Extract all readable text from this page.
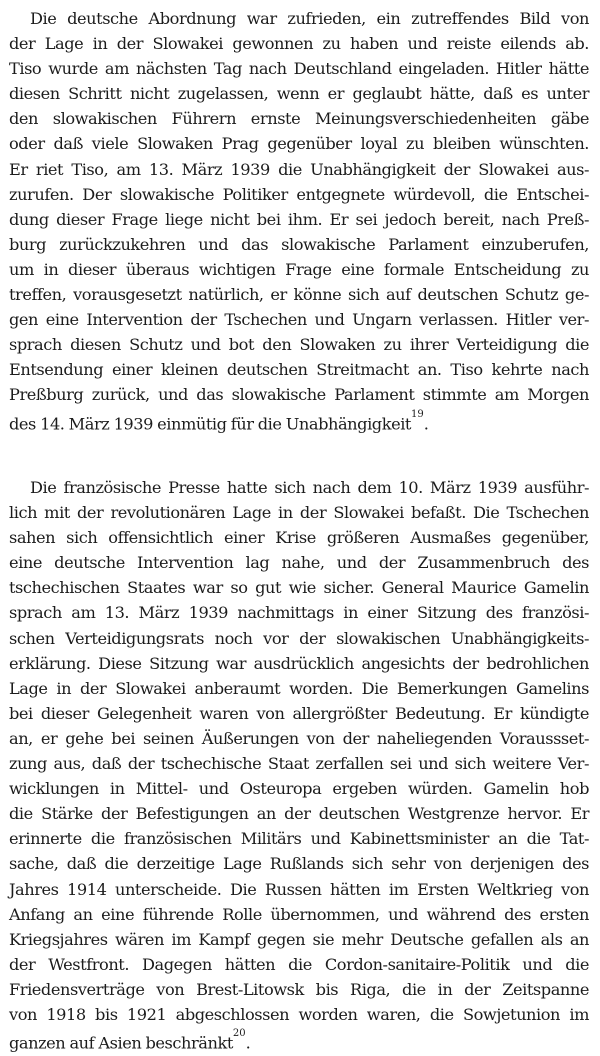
Die deutsche Abordnung war zufrieden, ein zutreffendes Bild von
der Lage in der Slowakei gewonnen zu haben und reiste eilends ab.
Tiso wurde am nächsten Tag nach Deutschland eingeladen. Hitler hätte
diesen Schritt nicht zugelassen, wenn er geglaubt hätte, daß es unter
den slowakischen Führern ernste Meinungsverschiedenheiten gäbe
oder daß viele Slowaken Prag gegenüber loyal zu bleiben wünschten.
Er riet Tiso, am 13. März 1939 die Unabhängigkeit der Slowakei aus-
zurufen. Der slowakische Politiker entgegnete würdevoll, die Entschei-
dung dieser Frage liege nicht bei ihm. Er sei jedoch bereit, nach Preß-
burg zurückzukehren und das slowakische Parlament einzuberufen,
um in dieser überaus wichtigen Frage eine formale Entscheidung zu
treffen, vorausgesetzt natürlich, er könne sich auf deutschen Schutz ge-
gen eine Intervention der Tschechen und Ungarn verlassen. Hitler ver-
sprach diesen Schutz und bot den Slowaken zu ihrer Verteidigung die
Entsendung einer kleinen deutschen Streitmacht an. Tiso kehrte nach
Preßburg zurück, und das slowakische Parlament stimmte am Morgen
des 14. März 1939 einmütig für die Unabhängigkeit$^{19}$.
Die französische Presse hatte sich nach dem 10. März 1939 ausführ-
lich mit der revolutionären Lage in der Slowakei befaßt. Die Tschechen
sahen sich offensichtlich einer Krise größeren Ausmaßes gegenüber,
eine deutsche Intervention lag nahe, und der Zusammenbruch des
tschechischen Staates war so gut wie sicher. General Maurice Gamelin
sprach am 13. März 1939 nachmittags in einer Sitzung des französi-
schen Verteidigungsrats noch vor der slowakischen Unabhängigkeits-
erklärung. Diese Sitzung war ausdrücklich angesichts der bedrohlichen
Lage in der Slowakei anberaumt worden. Die Bemerkungen Gamelins
bei dieser Gelegenheit waren von allergrößter Bedeutung. Er kündigte
an, er gehe bei seinen Äußerungen von der naheliegenden Voraussset-
zung aus, daß der tschechische Staat zerfallen sei und sich weitere Ver-
wicklungen in Mittel- und Osteuropa ergeben würden. Gamelin hob
die Stärke der Befestigungen an der deutschen Westgrenze hervor. Er
erinnerte die französischen Militärs und Kabinettsminister an die Tat-
sache, daß die derzeitige Lage Rußlands sich sehr von derjenigen des
Jahres 1914 unterscheide. Die Russen hätten im Ersten Weltkrieg von
Anfang an eine führende Rolle übernommen, und während des ersten
Kriegsjahres wären im Kampf gegen sie mehr Deutsche gefallen als an
der Westfront. Dagegen hätten die Cordon-sanitaire-Politik und die
Friedensverträge von Brest-Litowsk bis Riga, die in der Zeitspanne
von 1918 bis 1921 abgeschlossen worden waren, die Sowjetunion im
ganzen auf Asien beschränkt$^{20}$.
